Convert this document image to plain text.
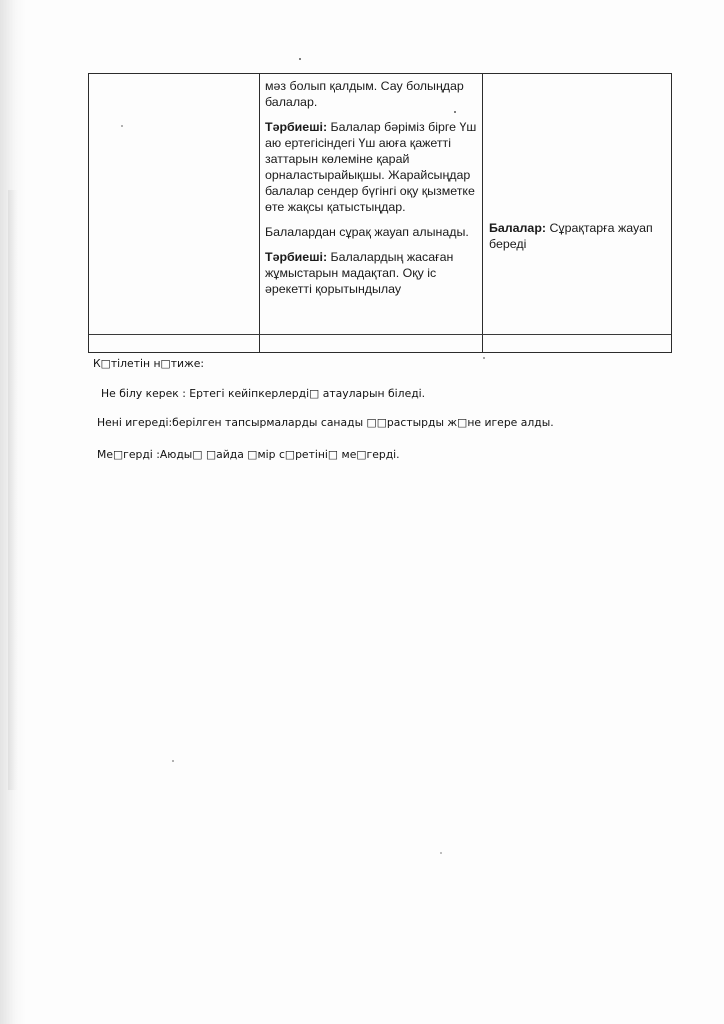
мәз болып қалдым. Сау болыңдар балалар.

Тәрбиеші: Балалар бәріміз бірге Үш аю ертегісіндегі Үш аюға қажетті заттарын көлеміне қарай орналастырайықшы. Жарайсыңдар балалар сендер бүгінгі оқу қызметке өте жақсы қатыстыңдар.

Балалардан сұрақ жауап алынады.

Тәрбиеші: Балалардың жасаған жұмыстарын мадақтап. Оқу іс әрекетті қорытындылау

Балалар: Сұрақтарға жауап береді
К□тілетін н□тиже:
Не білу керек : Ертегі кейіпкерлерді□ атауларын біледі.
Нені игереді:берілген тапсырмаларды санады □□растырды ж□не игере алды.
Ме□герді :Аюды□ □айда □мір с□ретіні□ ме□герді.
